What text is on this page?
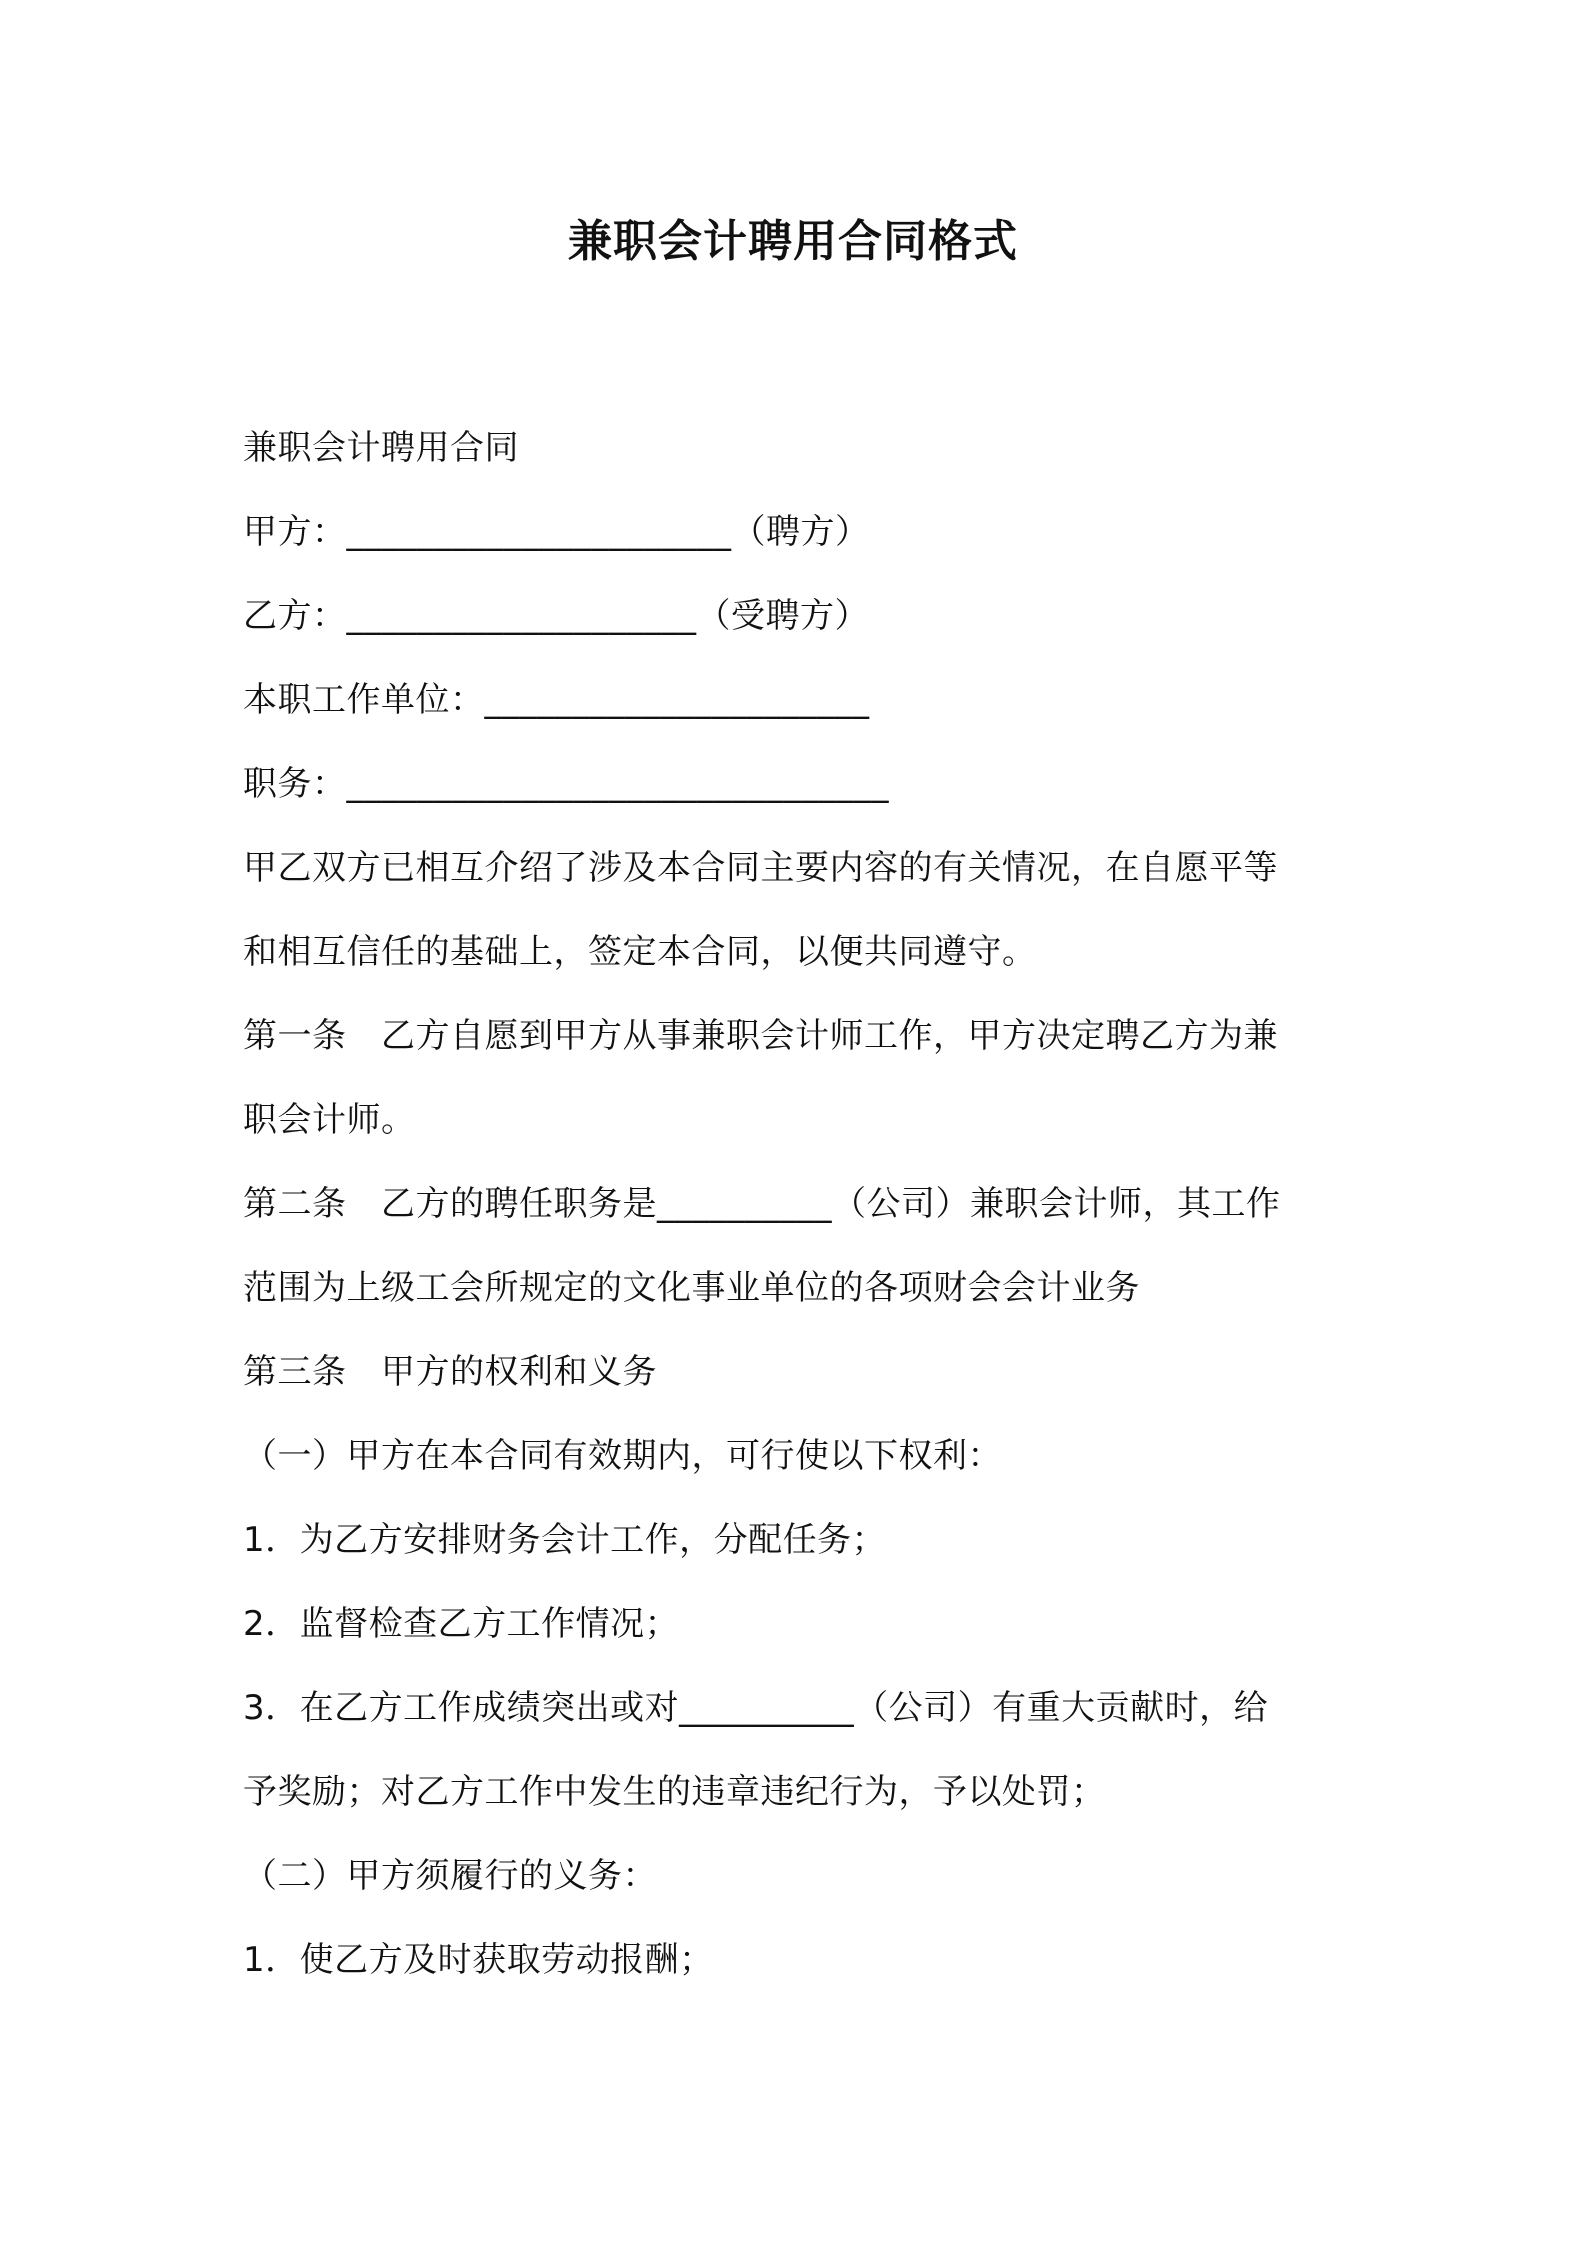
兼职会计聘用合同格式
兼职会计聘用合同
甲方：______________________（聘方）
乙方：____________________（受聘方）
本职工作单位：______________________
职务：_______________________________
甲乙双方已相互介绍了涉及本合同主要内容的有关情况，在自愿平等
和相互信任的基础上，签定本合同，以便共同遵守。
第一条　乙方自愿到甲方从事兼职会计师工作，甲方决定聘乙方为兼
职会计师。
第二条　乙方的聘任职务是__________（公司）兼职会计师，其工作
范围为上级工会所规定的文化事业单位的各项财会会计业务
第三条　甲方的权利和义务
（一）甲方在本合同有效期内，可行使以下权利：
1．为乙方安排财务会计工作，分配任务；
2．监督检查乙方工作情况；
3．在乙方工作成绩突出或对__________（公司）有重大贡献时，给
予奖励；对乙方工作中发生的违章违纪行为，予以处罚；
（二）甲方须履行的义务：
1．使乙方及时获取劳动报酬；
